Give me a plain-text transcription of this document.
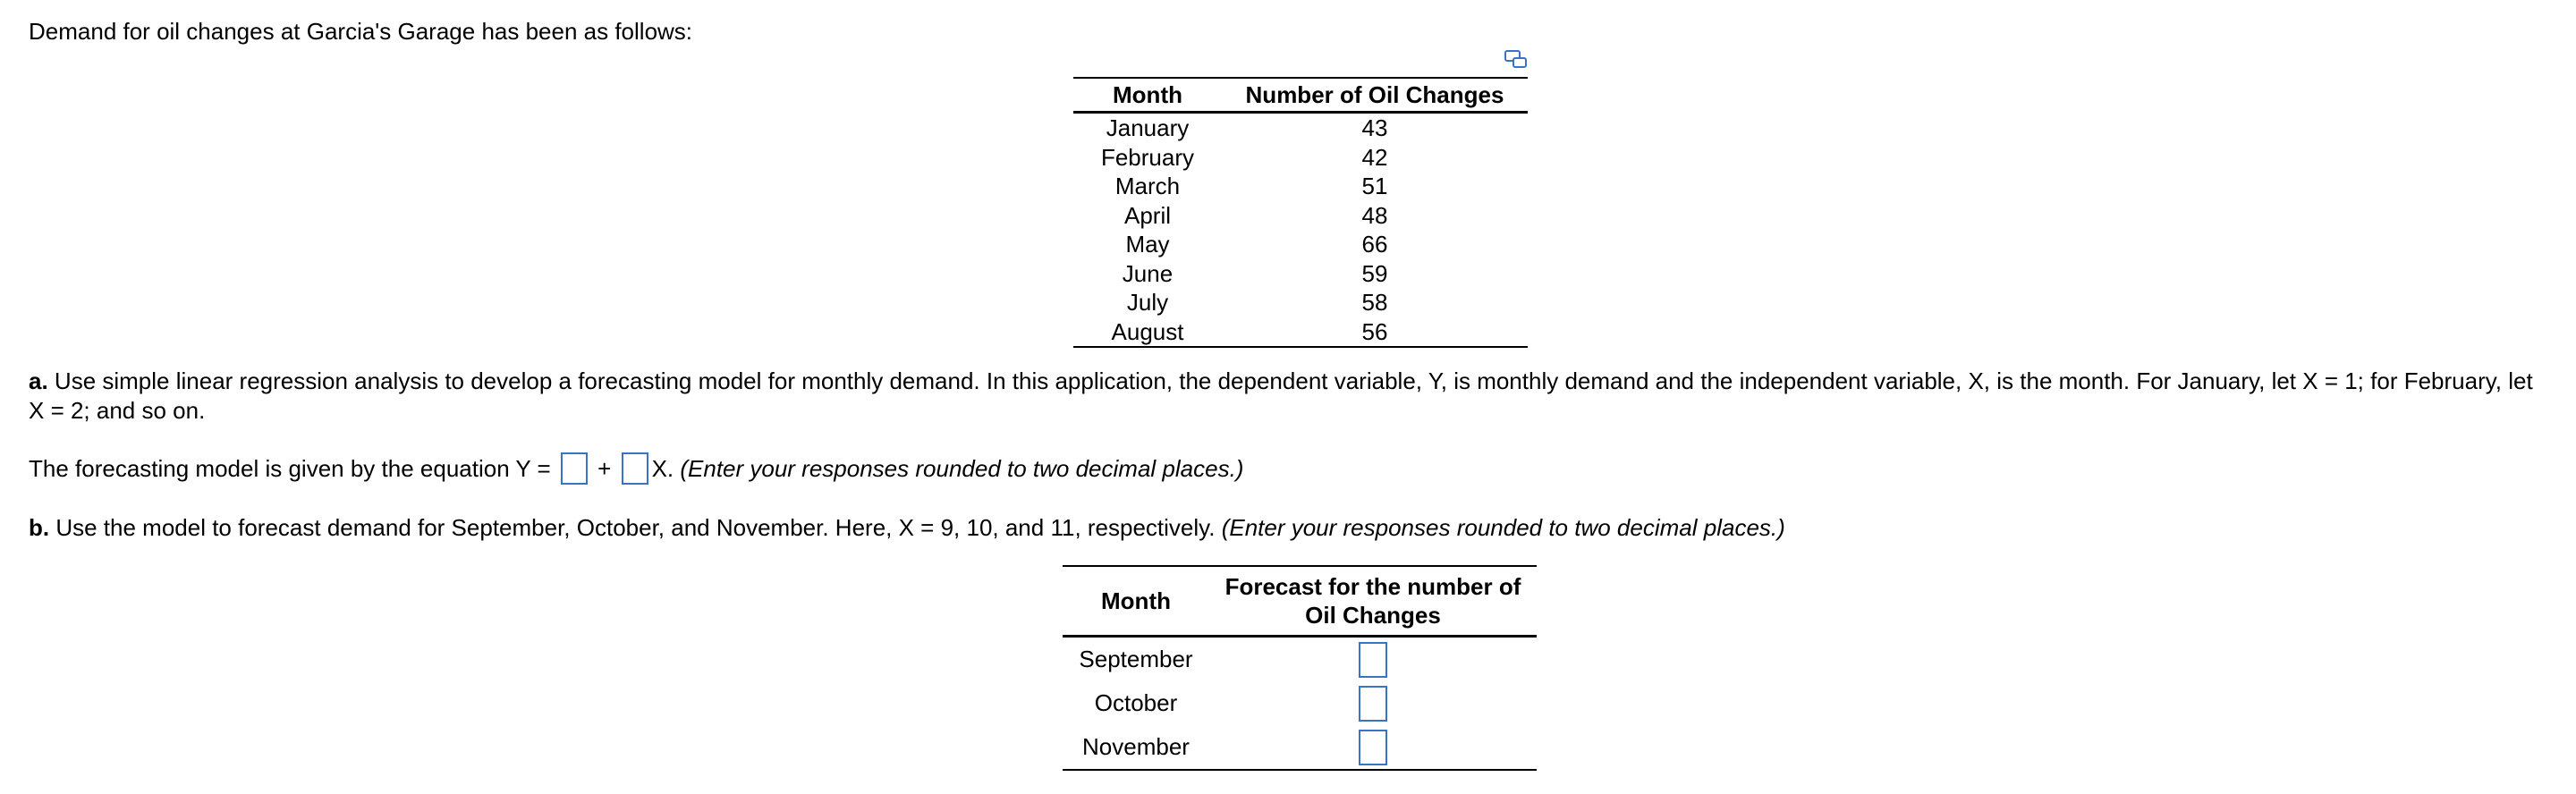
Demand for oil changes at Garcia's Garage has been as follows:
Month	Number of Oil Changes
January	43
February	42
March	51
April	48
May	66
June	59
July	58
August	56
a. Use simple linear regression analysis to develop a forecasting model for monthly demand. In this application, the dependent variable, Y, is monthly demand and the independent variable, X, is the month. For January, let X = 1; for February, let X = 2; and so on.
The forecasting model is given by the equation Y =  + X. (Enter your responses rounded to two decimal places.)
b. Use the model to forecast demand for September, October, and November. Here, X = 9, 10, and 11, respectively. (Enter your responses rounded to two decimal places.)
Month	Forecast for the number of Oil Changes
September	
October	
November	
